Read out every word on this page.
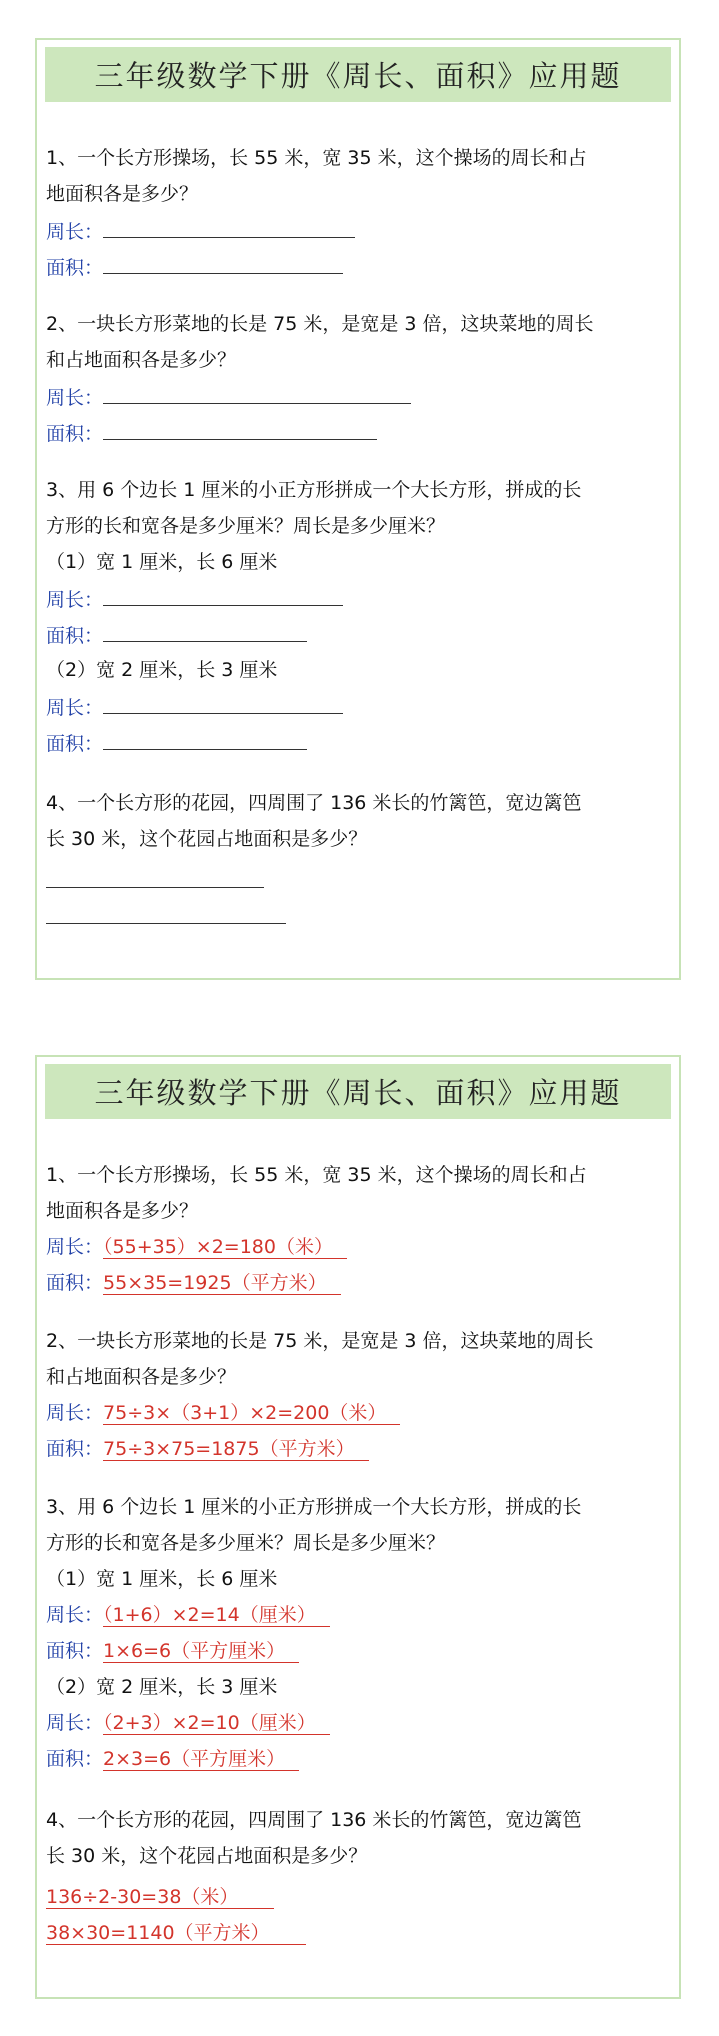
三年级数学下册《周长、面积》应用题
1、一个长方形操场，长 55 米，宽 35 米，这个操场的周长和占
地面积各是多少？
周长：
面积：
2、一块长方形菜地的长是 75 米，是宽是 3 倍，这块菜地的周长
和占地面积各是多少？
周长：
面积：
3、用 6 个边长 1 厘米的小正方形拼成一个大长方形，拼成的长
方形的长和宽各是多少厘米？周长是多少厘米？
（1）宽 1 厘米，长 6 厘米
周长：
面积：
（2）宽 2 厘米，长 3 厘米
周长：
面积：
4、一个长方形的花园，四周围了 136 米长的竹篱笆，宽边篱笆
长 30 米，这个花园占地面积是多少？
三年级数学下册《周长、面积》应用题
1、一个长方形操场，长 55 米，宽 35 米，这个操场的周长和占
地面积各是多少？
周长：（55+35）×2=180（米）
面积：55×35=1925（平方米）
2、一块长方形菜地的长是 75 米，是宽是 3 倍，这块菜地的周长
和占地面积各是多少？
周长：75÷3×（3+1）×2=200（米）
面积：75÷3×75=1875（平方米）
3、用 6 个边长 1 厘米的小正方形拼成一个大长方形，拼成的长
方形的长和宽各是多少厘米？周长是多少厘米？
（1）宽 1 厘米，长 6 厘米
周长：（1+6）×2=14（厘米）
面积：1×6=6（平方厘米）
（2）宽 2 厘米，长 3 厘米
周长：（2+3）×2=10（厘米）
面积：2×3=6（平方厘米）
4、一个长方形的花园，四周围了 136 米长的竹篱笆，宽边篱笆
长 30 米，这个花园占地面积是多少？
136÷2-30=38（米）
38×30=1140（平方米）
